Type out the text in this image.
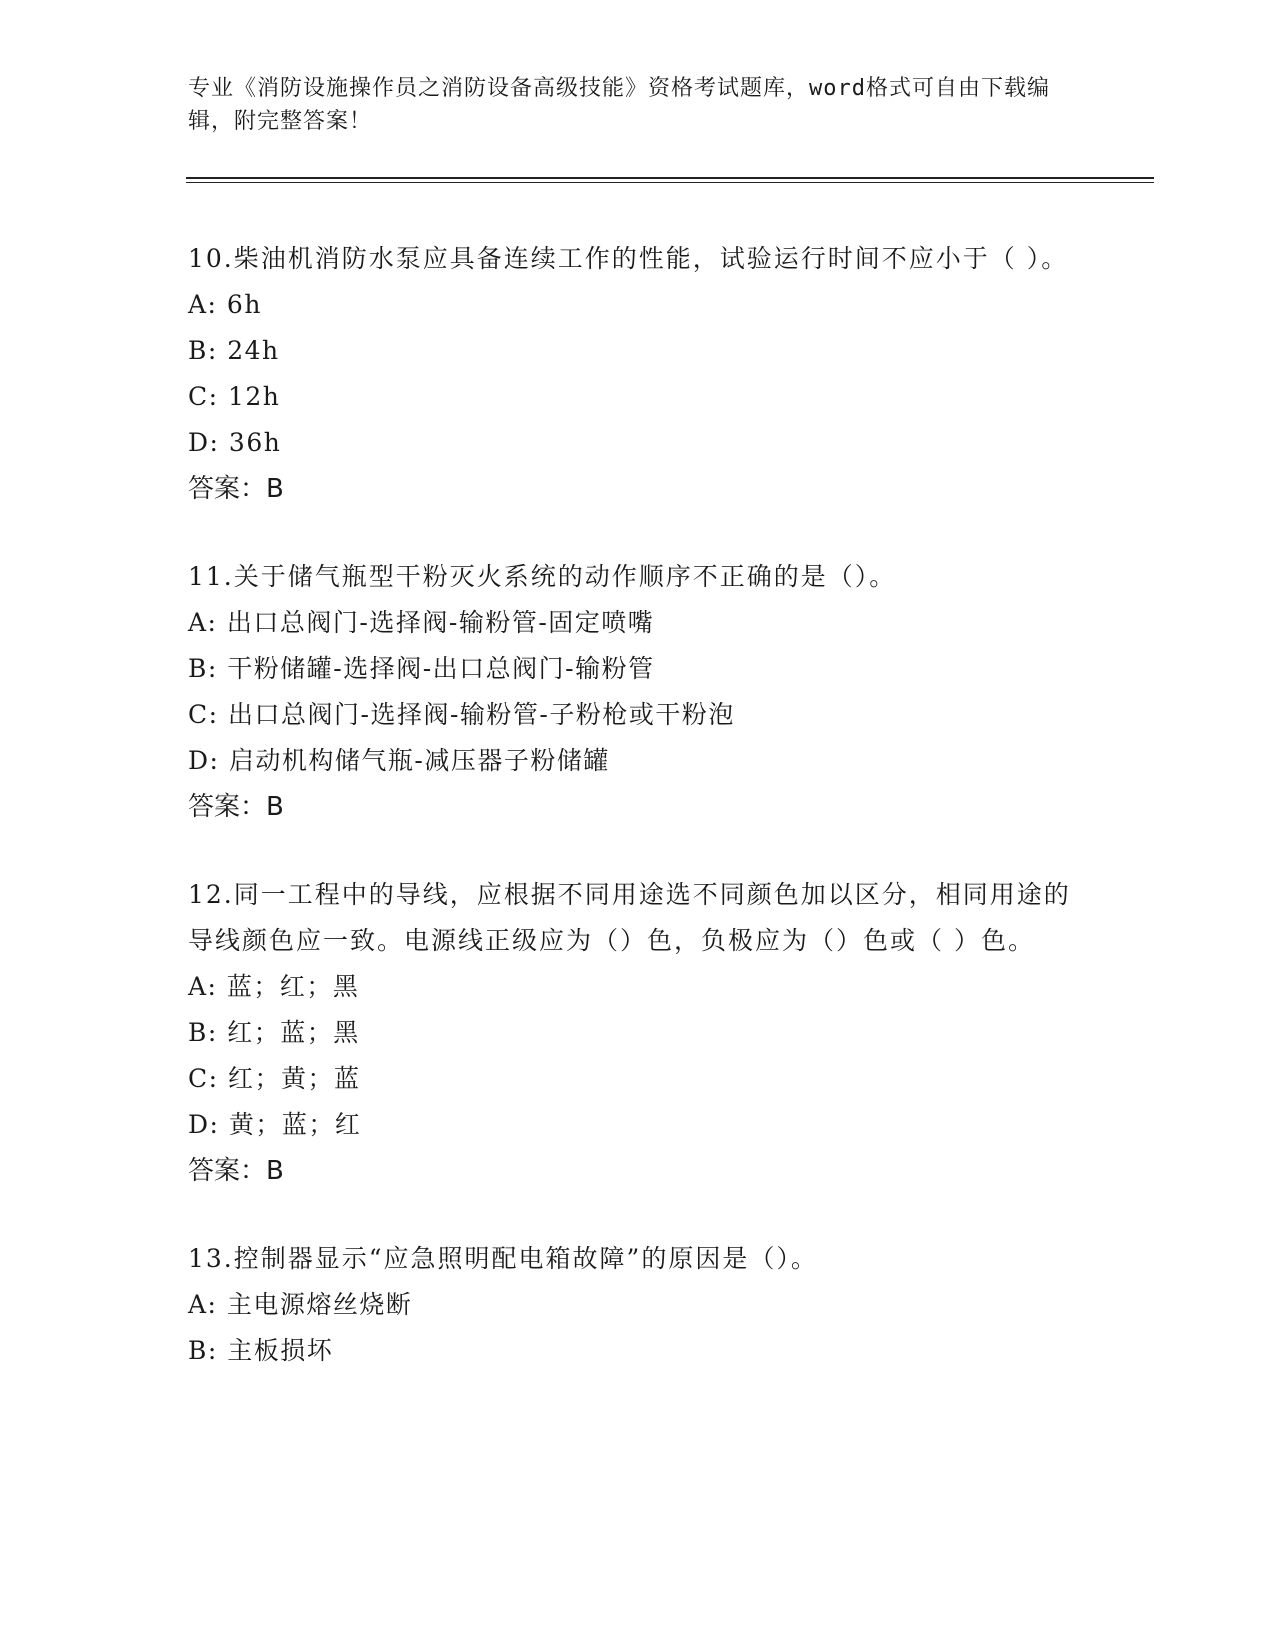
专业《消防设施操作员之消防设备高级技能》资格考试题库，word格式可自由下载编辑，附完整答案！

10.柴油机消防水泵应具备连续工作的性能，试验运行时间不应小于（ ）。

A: 6h

B: 24h

C: 12h

D: 36h

答案：B

11.关于储气瓶型干粉灭火系统的动作顺序不正确的是（）。

A: 出口总阀门-选择阀-输粉管-固定喷嘴

B: 干粉储罐-选择阀-出口总阀门-输粉管

C: 出口总阀门-选择阀-输粉管-子粉枪或干粉泡

D: 启动机构储气瓶-减压器子粉储罐

答案：B

12.同一工程中的导线，应根据不同用途选不同颜色加以区分，相同用途的导线颜色应一致。电源线正级应为（）色，负极应为（）色或（ ）色。

A: 蓝；红；黑

B: 红；蓝；黑

C: 红；黄；蓝

D: 黄；蓝；红

答案：B

13.控制器显示“应急照明配电箱故障”的原因是（）。

A: 主电源熔丝烧断

B: 主板损坏
